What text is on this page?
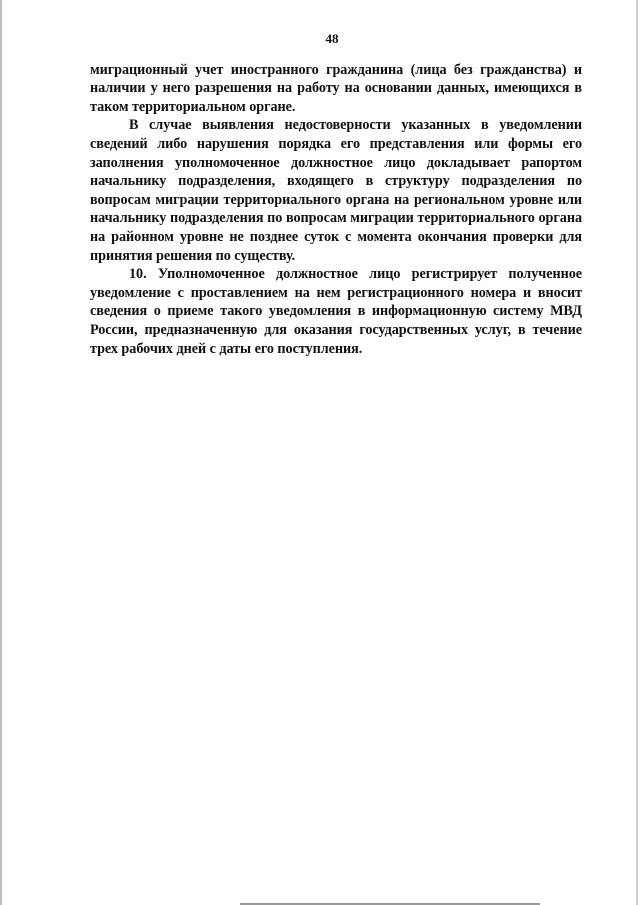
48

миграционный учет иностранного гражданина (лица без гражданства) и наличии у него разрешения на работу на основании данных, имеющихся в таком территориальном органе.

В случае выявления недостоверности указанных в уведомлении сведений либо нарушения порядка его представления или формы его заполнения уполномоченное должностное лицо докладывает рапортом начальнику подразделения, входящего в структуру подразделения по вопросам миграции территориального органа на региональном уровне или начальнику подразделения по вопросам миграции территориального органа на районном уровне не позднее суток с момента окончания проверки для принятия решения по существу.

10. Уполномоченное должностное лицо регистрирует полученное уведомление с проставлением на нем регистрационного номера и вносит сведения о приеме такого уведомления в информационную систему МВД России, предназначенную для оказания государственных услуг, в течение трех рабочих дней с даты его поступления.
